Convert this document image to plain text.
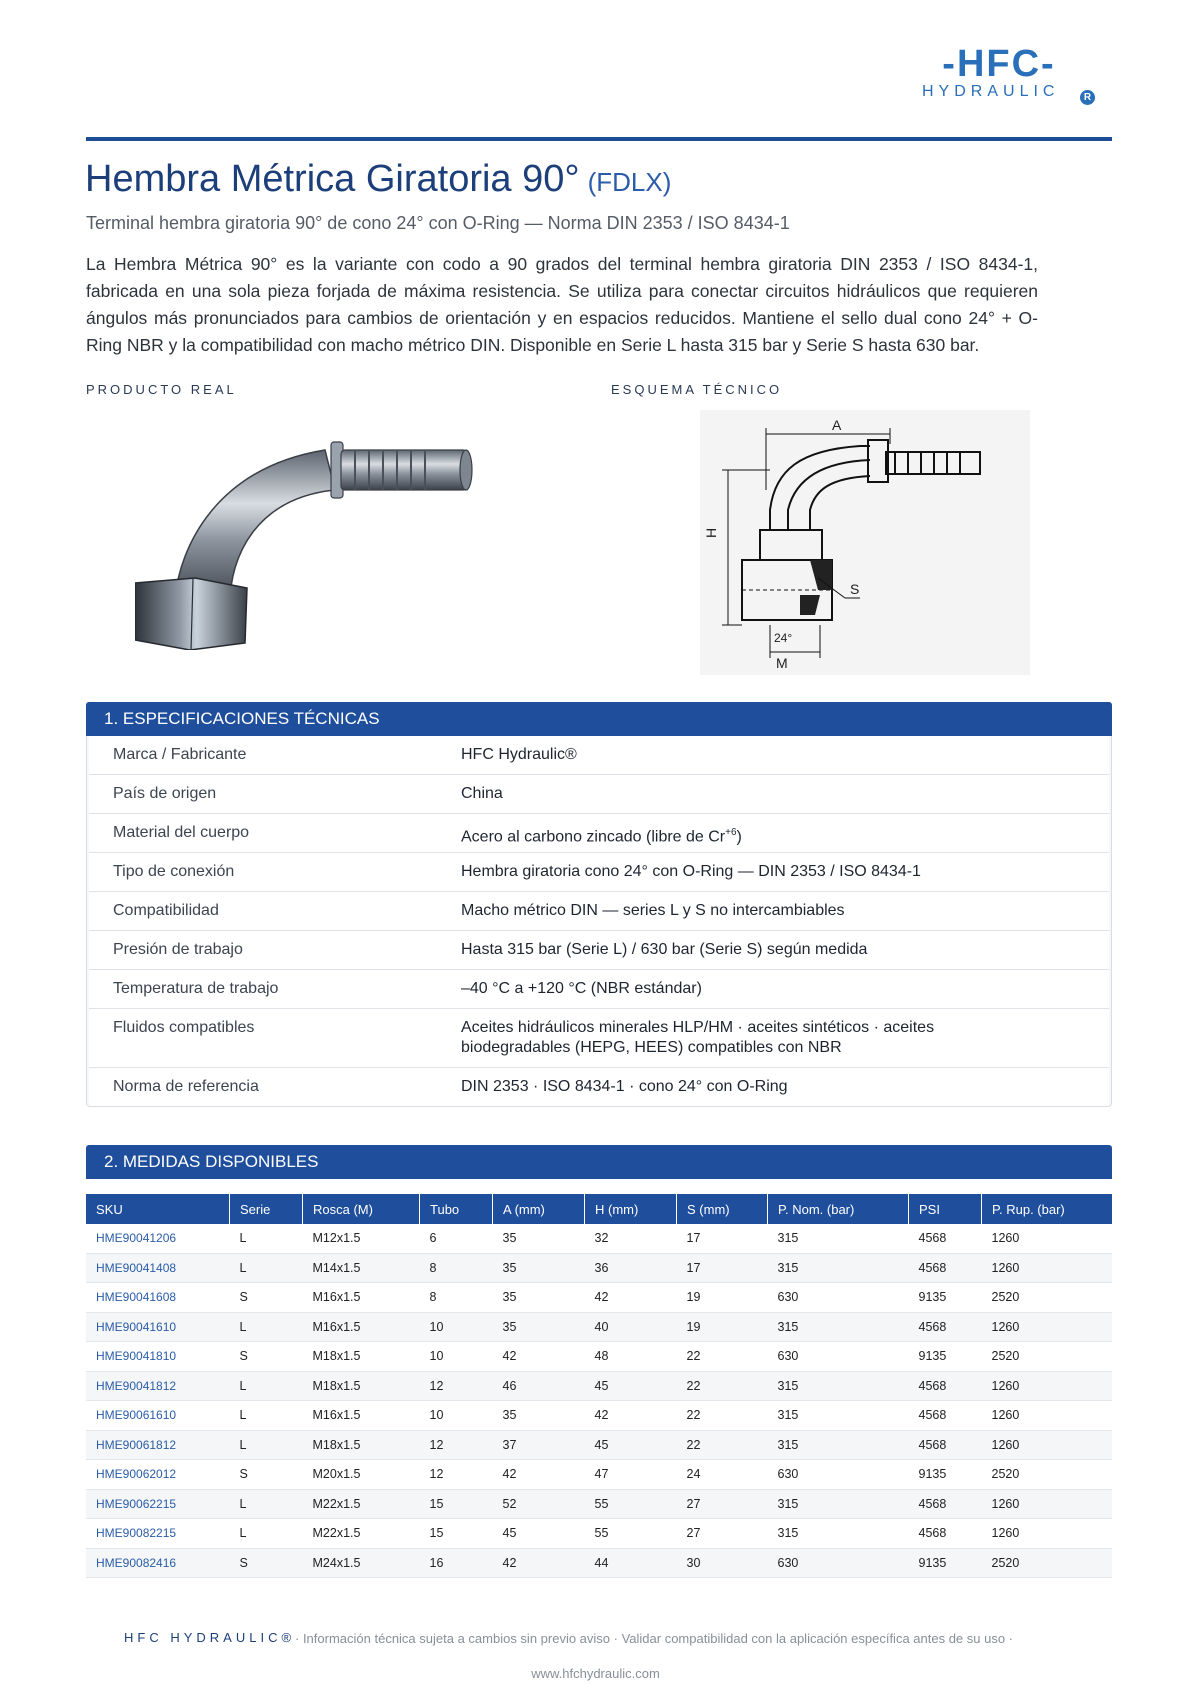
-HFC-
HYDRAULIC	R
Hembra Métrica Giratoria 90° (FDLX)
Terminal hembra giratoria 90° de cono 24° con O-Ring — Norma DIN 2353 / ISO 8434-1

La Hembra Métrica 90° es la variante con codo a 90 grados del terminal hembra giratoria DIN 2353 / ISO 8434-1, fabricada en una sola pieza forjada de máxima resistencia. Se utiliza para conectar circuitos hidráulicos que requieren ángulos más pronunciados para cambios de orientación y en espacios reducidos. Mantiene el sello dual cono 24° + O-Ring NBR y la compatibilidad con macho métrico DIN. Disponible en Serie L hasta 315 bar y Serie S hasta 630 bar.

PRODUCTO REAL	ESQUEMA TÉCNICO
A
H
S
24°
M
1. ESPECIFICACIONES TÉCNICAS
Marca / Fabricante	HFC Hydraulic®
País de origen	China
Material del cuerpo	Acero al carbono zincado (libre de $Cr^{+6}$)
Tipo de conexión	Hembra giratoria cono 24° con O-Ring — DIN 2353 / ISO 8434-1
Compatibilidad	Macho métrico DIN — series L y S no intercambiables
Presión de trabajo	Hasta 315 bar (Serie L) / 630 bar (Serie S) según medida
Temperatura de trabajo	–40 °C a +120 °C (NBR estándar)
Fluidos compatibles	Aceites hidráulicos minerales HLP/HM · aceites sintéticos · aceites biodegradables (HEPG, HEES) compatibles con NBR
Norma de referencia	DIN 2353 · ISO 8434-1 · cono 24° con O-Ring
2. MEDIDAS DISPONIBLES
SKU	Serie	Rosca (M)	Tubo	A (mm)	H (mm)	S (mm)	P. Nom. (bar)	PSI	P. Rup. (bar)
HME90041206	L	M12x1.5	6	35	32	17	315	4568	1260
HME90041408	L	M14x1.5	8	35	36	17	315	4568	1260
HME90041608	S	M16x1.5	8	35	42	19	630	9135	2520
HME90041610	L	M16x1.5	10	35	40	19	315	4568	1260
HME90041810	S	M18x1.5	10	42	48	22	630	9135	2520
HME90041812	L	M18x1.5	12	46	45	22	315	4568	1260
HME90061610	L	M16x1.5	10	35	42	22	315	4568	1260
HME90061812	L	M18x1.5	12	37	45	22	315	4568	1260
HME90062012	S	M20x1.5	12	42	47	24	630	9135	2520
HME90062215	L	M22x1.5	15	52	55	27	315	4568	1260
HME90082215	L	M22x1.5	15	45	55	27	315	4568	1260
HME90082416	S	M24x1.5	16	42	44	30	630	9135	2520
HFC HYDRAULIC® · Información técnica sujeta a cambios sin previo aviso · Validar compatibilidad con la aplicación específica antes de su uso ·
www.hfchydraulic.com
